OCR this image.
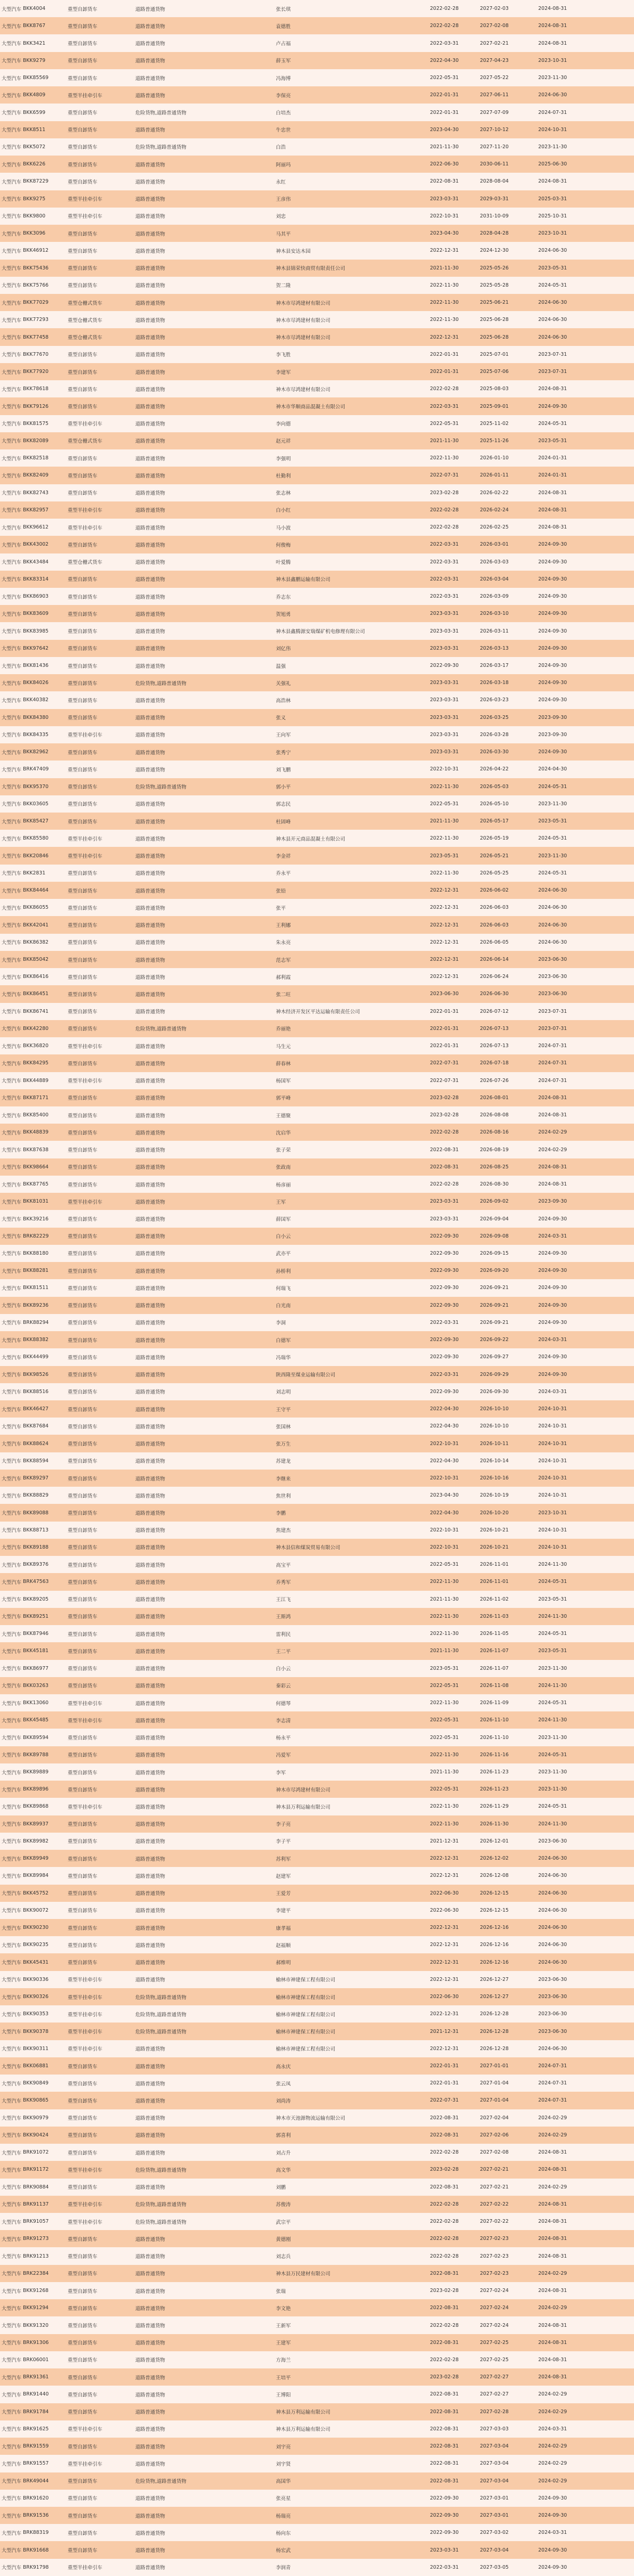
大型汽车 BKK4004	重型自卸货车	道路普通货物	张长琪	2022-02-28	2027-02-03	2024-08-31
大型汽车 BKK8767	重型自卸货车	道路普通货物	袁德胜	2022-02-28	2027-02-08	2024-08-31
大型汽车 BKK3421	重型自卸货车	道路普通货物	卢占福	2022-03-31	2027-02-21	2024-08-31
大型汽车 BKK9279	重型自卸货车	道路普通货物	薛玉军	2022-04-30	2027-04-23	2023-10-31
大型汽车 BKK85569	重型自卸货车	道路普通货物	冯海博	2022-05-31	2027-05-22	2023-11-30
大型汽车 BKK4809	重型半挂牵引车	道路普通货物	李保亮	2022-01-31	2027-06-11	2024-06-30
大型汽车 BKK6599	重型自卸货车	危险货物,道路普通货物	白培杰	2022-01-31	2027-07-09	2024-07-31
大型汽车 BKK8511	重型自卸货车	道路普通货物	牛忠世	2023-04-30	2027-10-12	2024-10-31
大型汽车 BKK5072	重型自卸货车	危险货物,道路普通货物	白浩	2021-11-30	2027-11-20	2023-11-30
大型汽车 BKK6226	重型自卸货车	道路普通货物	阿丽玛	2022-06-30	2030-06-11	2025-06-30
大型汽车 BKK87229	重型自卸货车	道路普通货物	永红	2022-08-31	2028-08-04	2024-08-31
大型汽车 BKK9275	重型半挂牵引车	道路普通货物	王彦伟	2023-03-31	2029-03-31	2025-03-31
大型汽车 BKK9800	重型半挂牵引车	道路普通货物	刘忠	2022-10-31	2031-10-09	2025-10-31
大型汽车 BKK3096	重型自卸货车	道路普通货物	马其平	2023-04-30	2028-04-28	2023-10-31
大型汽车 BKK46912	重型自卸货车	道路普通货物	神木县安达木园	2022-12-31	2024-12-30	2024-06-30
大型汽车 BKK75436	重型自卸货车	道路普通货物	神木县锦荣快商贸有限责任公司	2021-11-30	2025-05-26	2023-05-31
大型汽车 BKK75766	重型自卸货车	道路普通货物	贺二隆	2022-11-30	2025-05-28	2024-05-31
大型汽车 BKK77029	重型仓栅式货车	道路普通货物	神木市尽鸿建材有限公司	2022-11-30	2025-06-21	2024-06-30
大型汽车 BKK77293	重型仓栅式货车	道路普通货物	神木市尽鸿建材有限公司	2022-11-30	2025-06-28	2024-06-30
大型汽车 BKK77458	重型仓栅式货车	道路普通货物	神木市尽鸿建材有限公司	2022-12-31	2025-06-28	2024-06-30
大型汽车 BKK77670	重型自卸货车	道路普通货物	李飞胜	2022-01-31	2025-07-01	2023-07-31
大型汽车 BKK77920	重型自卸货车	道路普通货物	李建军	2022-01-31	2025-07-06	2023-07-31
大型汽车 BKK78618	重型自卸货车	道路普通货物	神木市尽鸿建材有限公司	2022-02-28	2025-08-03	2024-08-31
大型汽车 BKK79126	重型自卸货车	道路普通货物	神木市华顺商品混凝土有限公司	2022-03-31	2025-09-01	2024-09-30
大型汽车 BKK81575	重型半挂牵引车	道路普通货物	李向德	2022-05-31	2025-11-02	2024-05-31
大型汽车 BKK82089	重型仓栅式货车	道路普通货物	赵元祥	2021-11-30	2025-11-26	2023-05-31
大型汽车 BKK82518	重型自卸货车	道路普通货物	李强明	2022-11-30	2026-01-10	2024-01-31
大型汽车 BKK82409	重型自卸货车	道路普通货物	杜勤利	2022-07-31	2026-01-11	2024-01-31
大型汽车 BKK82743	重型自卸货车	道路普通货物	张志林	2023-02-28	2026-02-22	2024-08-31
大型汽车 BKK82957	重型半挂牵引车	道路普通货物	白小红	2022-02-28	2026-02-24	2024-08-31
大型汽车 BKK96612	重型半挂牵引车	道路普通货物	马小波	2022-02-28	2026-02-25	2024-08-31
大型汽车 BKK43002	重型自卸货车	道路普通货物	何俊梅	2022-03-31	2026-03-01	2024-09-30
大型汽车 BKK43484	重型仓栅式货车	道路普通货物	叶爱腾	2022-03-31	2026-03-03	2024-09-30
大型汽车 BKK83314	重型自卸货车	道路普通货物	神木县鑫鹏运输有限公司	2022-03-31	2026-03-04	2024-09-30
大型汽车 BKK86903	重型自卸货车	道路普通货物	乔志东	2022-03-31	2026-03-09	2024-09-30
大型汽车 BKK83609	重型自卸货车	道路普通货物	贺旭勇	2023-03-31	2026-03-10	2024-09-30
大型汽车 BKK83985	重型自卸货车	道路普通货物	神木县鑫腾源安瑞煤矿机电修理有限公司	2023-03-31	2026-03-11	2024-09-30
大型汽车 BKK97642	重型自卸货车	道路普通货物	刘亿伟	2023-03-31	2026-03-13	2024-09-30
大型汽车 BKK81436	重型自卸货车	道路普通货物	温强	2022-09-30	2026-03-17	2024-09-30
大型汽车 BKK84026	重型自卸货车	危险货物,道路普通货物	关强礼	2023-03-31	2026-03-18	2024-09-30
大型汽车 BKK40382	重型自卸货车	道路普通货物	高浩林	2023-03-31	2026-03-23	2024-09-30
大型汽车 BKK84380	重型自卸货车	道路普通货物	张义	2023-03-31	2026-03-25	2023-09-30
大型汽车 BKK84335	重型半挂牵引车	道路普通货物	王向军	2023-03-31	2026-03-28	2023-09-30
大型汽车 BKK82962	重型自卸货车	道路普通货物	张秀宁	2023-03-31	2026-03-30	2024-09-30
大型汽车 BRK47409	重型自卸货车	道路普通货物	刘飞鹏	2022-10-31	2026-04-22	2024-04-30
大型汽车 BKK95370	重型自卸货车	危险货物,道路普通货物	郭小平	2022-11-30	2026-05-03	2024-05-31
大型汽车 BKK03605	重型自卸货车	道路普通货物	郭志民	2022-05-31	2026-05-10	2023-11-30
大型汽车 BKK85427	重型自卸货车	道路普通货物	杜固峰	2021-11-30	2026-05-17	2023-05-31
大型汽车 BKK85580	重型半挂牵引车	道路普通货物	神木县开元商品混凝土有限公司	2022-11-30	2026-05-19	2024-05-31
大型汽车 BKK20846	重型半挂牵引车	道路普通货物	李金祥	2023-05-31	2026-05-21	2023-11-30
大型汽车 BKK2831	重型自卸货车	道路普通货物	乔永平	2022-11-30	2026-05-25	2024-05-31
大型汽车 BKK84464	重型自卸货车	道路普通货物	张铅	2022-12-31	2026-06-02	2024-06-30
大型汽车 BKK86055	重型自卸货车	道路普通货物	张平	2022-12-31	2026-06-03	2024-06-30
大型汽车 BKK42041	重型自卸货车	道路普通货物	王利娜	2022-12-31	2026-06-03	2024-06-30
大型汽车 BKK86382	重型自卸货车	道路普通货物	朱永亮	2022-12-31	2026-06-05	2024-06-30
大型汽车 BKK85042	重型自卸货车	道路普通货物	范志军	2022-12-31	2026-06-14	2023-06-30
大型汽车 BKK86416	重型自卸货车	道路普通货物	郝利霞	2022-12-31	2026-06-24	2023-06-30
大型汽车 BKK86451	重型自卸货车	道路普通货物	张二旺	2023-06-30	2026-06-30	2023-06-30
大型汽车 BKK86741	重型自卸货车	道路普通货物	神木经济开发区平达运输有限责任公司	2022-01-31	2026-07-12	2023-07-31
大型汽车 BKK42280	重型自卸货车	危险货物,道路普通货物	乔丽艳	2022-01-31	2026-07-13	2023-07-31
大型汽车 BKK36820	重型半挂牵引车	道路普通货物	马生元	2022-01-31	2026-07-13	2024-07-31
大型汽车 BKK84295	重型自卸货车	道路普通货物	薛春林	2022-07-31	2026-07-18	2024-07-31
大型汽车 BKK44889	重型半挂牵引车	道路普通货物	杨国军	2022-07-31	2026-07-26	2024-07-31
大型汽车 BKK87171	重型自卸货车	道路普通货物	郭平峰	2023-02-28	2026-08-01	2024-08-31
大型汽车 BKK85400	重型自卸货车	道路普通货物	王德聚	2023-02-28	2026-08-08	2024-08-31
大型汽车 BKK48839	重型自卸货车	道路普通货物	沈启华	2022-02-28	2026-08-16	2024-02-29
大型汽车 BKK87638	重型自卸货车	道路普通货物	张子荣	2022-08-31	2026-08-19	2024-02-29
大型汽车 BKK98664	重型自卸货车	道路普通货物	张政南	2022-08-31	2026-08-25	2024-08-31
大型汽车 BKK87765	重型自卸货车	道路普通货物	杨彦丽	2022-02-28	2026-08-30	2024-08-31
大型汽车 BKK81031	重型半挂牵引车	道路普通货物	王军	2023-03-31	2026-09-02	2023-09-30
大型汽车 BKK39216	重型自卸货车	道路普通货物	薛国军	2023-03-31	2026-09-04	2024-09-30
大型汽车 BRK82229	重型自卸货车	道路普通货物	白小云	2022-09-30	2026-09-08	2024-03-31
大型汽车 BKK88180	重型自卸货车	道路普通货物	武亦平	2022-09-30	2026-09-15	2024-09-30
大型汽车 BKK88281	重型自卸货车	道路普通货物	孙桥利	2022-09-30	2026-09-20	2024-09-30
大型汽车 BKK81511	重型自卸货车	道路普通货物	何瑞飞	2022-09-30	2026-09-21	2024-09-30
大型汽车 BKK89236	重型自卸货车	道路普通货物	白光南	2022-09-30	2026-09-21	2024-09-30
大型汽车 BRK88294	重型自卸货车	道路普通货物	李洞	2022-03-31	2026-09-21	2024-09-30
大型汽车 BKK88382	重型自卸货车	道路普通货物	白德军	2022-09-30	2026-09-22	2024-03-31
大型汽车 BKK44499	重型自卸货车	道路普通货物	冯瑞华	2022-09-30	2026-09-27	2024-09-30
大型汽车 BKK98526	重型自卸货车	道路普通货物	陕西隆至煤业运输有限公司	2022-03-31	2026-09-29	2024-09-30
大型汽车 BKK88516	重型自卸货车	道路普通货物	刘志明	2022-09-30	2026-09-30	2024-03-31
大型汽车 BKK46427	重型自卸货车	道路普通货物	王守平	2022-04-30	2026-10-10	2024-10-31
大型汽车 BKK87684	重型自卸货车	道路普通货物	张国林	2022-04-30	2026-10-10	2024-10-31
大型汽车 BKK88624	重型自卸货车	道路普通货物	张万生	2022-10-31	2026-10-11	2024-10-31
大型汽车 BKK88594	重型自卸货车	道路普通货物	苏建龙	2022-04-30	2026-10-14	2024-10-31
大型汽车 BKK89297	重型自卸货车	道路普通货物	李继来	2022-10-31	2026-10-16	2024-10-31
大型汽车 BKK88829	重型自卸货车	道路普通货物	焦世利	2023-04-30	2026-10-19	2024-10-31
大型汽车 BKK89088	重型自卸货车	道路普通货物	李鹏	2022-04-30	2026-10-20	2023-10-31
大型汽车 BKK88713	重型自卸货车	道路普通货物	焦建杰	2022-10-31	2026-10-21	2024-10-31
大型汽车 BKK89188	重型自卸货车	道路普通货物	神木县信和煤炭贸易有限公司	2022-10-31	2026-10-21	2024-10-31
大型汽车 BKK89376	重型自卸货车	道路普通货物	高宝平	2022-05-31	2026-11-01	2024-11-30
大型汽车 BRK47563	重型自卸货车	道路普通货物	乔秀军	2022-11-30	2026-11-01	2024-05-31
大型汽车 BKK89205	重型自卸货车	道路普通货物	王江飞	2021-11-30	2026-11-02	2023-05-31
大型汽车 BKK89251	重型自卸货车	道路普通货物	王斯鸿	2022-11-30	2026-11-03	2024-11-30
大型汽车 BKK87946	重型自卸货车	道路普通货物	雷利民	2022-11-30	2026-11-05	2024-05-31
大型汽车 BKK45181	重型自卸货车	道路普通货物	王二平	2021-11-30	2026-11-07	2023-05-31
大型汽车 BKK86977	重型自卸货车	道路普通货物	白小云	2023-05-31	2026-11-07	2023-11-30
大型汽车 BKK03263	重型自卸货车	道路普通货物	秦彩云	2022-05-31	2026-11-08	2024-11-30
大型汽车 BKK13060	重型半挂牵引车	道路普通货物	何德琴	2022-11-30	2026-11-09	2024-05-31
大型汽车 BKK45485	重型半挂牵引车	道路普通货物	李志清	2022-05-31	2026-11-10	2024-11-30
大型汽车 BKK89594	重型自卸货车	道路普通货物	杨永平	2022-05-31	2026-11-10	2023-11-30
大型汽车 BKK89788	重型自卸货车	道路普通货物	冯爱军	2022-11-30	2026-11-16	2024-05-31
大型汽车 BKK89889	重型自卸货车	道路普通货物	李军	2021-11-30	2026-11-23	2023-11-30
大型汽车 BKK89896	重型自卸货车	道路普通货物	神木市尽鸿建材有限公司	2022-05-31	2026-11-23	2023-11-30
大型汽车 BKK89868	重型半挂牵引车	道路普通货物	神木县万利运输有限公司	2022-11-30	2026-11-29	2024-05-31
大型汽车 BKK89937	重型自卸货车	道路普通货物	李子亮	2022-11-30	2026-11-30	2024-11-30
大型汽车 BKK89982	重型自卸货车	道路普通货物	李子平	2021-12-31	2026-12-01	2023-06-30
大型汽车 BKK89949	重型自卸货车	道路普通货物	苏利军	2022-12-31	2026-12-02	2024-06-30
大型汽车 BKK89984	重型自卸货车	道路普通货物	赵建军	2022-12-31	2026-12-08	2024-06-30
大型汽车 BKK45752	重型自卸货车	道路普通货物	王爱芳	2022-06-30	2026-12-15	2024-06-30
大型汽车 BKK90072	重型自卸货车	道路普通货物	李建平	2022-06-30	2026-12-15	2024-06-30
大型汽车 BKK90230	重型自卸货车	道路普通货物	康孝福	2022-12-31	2026-12-16	2024-06-30
大型汽车 BKK90235	重型自卸货车	道路普通货物	赵福顺	2022-12-31	2026-12-16	2024-06-30
大型汽车 BKK45431	重型自卸货车	道路普通货物	郝维明	2022-12-31	2026-12-16	2024-06-30
大型汽车 BKK90336	重型半挂牵引车	道路普通货物	榆林市神建保工程有限公司	2022-12-31	2026-12-27	2023-06-30
大型汽车 BKK90326	重型半挂牵引车	危险货物,道路普通货物	榆林市神建保工程有限公司	2022-06-30	2026-12-27	2023-06-30
大型汽车 BKK90353	重型半挂牵引车	危险货物,道路普通货物	榆林市神建保工程有限公司	2022-12-31	2026-12-28	2023-06-30
大型汽车 BKK90378	重型半挂牵引车	危险货物,道路普通货物	榆林市神建保工程有限公司	2021-12-31	2026-12-28	2023-06-30
大型汽车 BKK90311	重型半挂牵引车	道路普通货物	榆林市神建保工程有限公司	2022-12-31	2026-12-28	2024-06-30
大型汽车 BKK06881	重型自卸货车	道路普通货物	高永庆	2022-01-31	2027-01-01	2024-07-31
大型汽车 BKK90849	重型自卸货车	道路普通货物	张云凤	2022-01-31	2027-01-04	2024-07-31
大型汽车 BKK90865	重型自卸货车	道路普通货物	刘尚涛	2022-07-31	2027-01-04	2024-07-31
大型汽车 BKK90979	重型自卸货车	道路普通货物	神木市天池源物流运输有限公司	2022-08-31	2027-02-04	2024-02-29
大型汽车 BKK90424	重型自卸货车	道路普通货物	郭喜利	2022-08-31	2027-02-06	2024-02-29
大型汽车 BRK91072	重型自卸货车	道路普通货物	刘占升	2022-02-28	2027-02-08	2024-08-31
大型汽车 BRK91172	重型半挂牵引车	危险货物,道路普通货物	高文华	2023-02-28	2027-02-21	2024-08-31
大型汽车 BRK90884	重型自卸货车	道路普通货物	刘鹏	2022-08-31	2027-02-21	2024-02-29
大型汽车 BRK91137	重型半挂牵引车	危险货物,道路普通货物	苏俊涛	2022-02-28	2027-02-22	2024-08-31
大型汽车 BRK91057	重型半挂牵引车	危险货物,道路普通货物	武宗平	2022-02-28	2027-02-22	2024-08-31
大型汽车 BRK91273	重型自卸货车	道路普通货物	黄德刚	2022-02-28	2027-02-23	2024-08-31
大型汽车 BRK91213	重型自卸货车	道路普通货物	刘志兵	2022-02-28	2027-02-23	2024-08-31
大型汽车 BRK22384	重型自卸货车	道路普通货物	神木县万民建材有限公司	2022-08-31	2027-02-23	2024-02-29
大型汽车 BKK91268	重型自卸货车	道路普通货物	张瑞	2023-02-28	2027-02-24	2024-08-31
大型汽车 BKK91294	重型自卸货车	道路普通货物	李文艳	2022-08-31	2027-02-24	2024-02-29
大型汽车 BKK91320	重型自卸货车	道路普通货物	王新军	2022-02-28	2027-02-24	2024-08-31
大型汽车 BRK91306	重型自卸货车	道路普通货物	王建军	2022-08-31	2027-02-25	2024-08-31
大型汽车 BRK06001	重型自卸货车	道路普通货物	方海兰	2022-02-28	2027-02-25	2024-08-31
大型汽车 BRK91361	重型自卸货车	道路普通货物	王培平	2023-02-28	2027-02-27	2024-08-31
大型汽车 BRK91440	重型自卸货车	道路普通货物	王博阳	2022-08-31	2027-02-27	2024-02-29
大型汽车 BRK91784	重型自卸货车	道路普通货物	神木县万利运输有限公司	2022-08-31	2027-02-28	2024-02-29
大型汽车 BRK91625	重型半挂牵引车	道路普通货物	神木县万利运输有限公司	2022-08-31	2027-03-03	2024-03-31
大型汽车 BRK91559	重型自卸货车	道路普通货物	刘宇亮	2022-08-31	2027-03-04	2024-02-29
大型汽车 BRK91557	重型半挂牵引车	道路普通货物	刘宇贤	2022-08-31	2027-03-04	2024-02-29
大型汽车 BRK49044	重型自卸货车	危险货物,道路普通货物	高国华	2022-08-31	2027-03-04	2024-02-29
大型汽车 BRK91620	重型自卸货车	道路普通货物	张亮星	2022-09-30	2027-03-01	2024-09-30
大型汽车 BRK91536	重型自卸货车	道路普通货物	杨瑞亮	2022-09-30	2027-03-01	2024-09-30
大型汽车 BRK88319	重型自卸货车	道路普通货物	杨向东	2022-09-30	2027-03-02	2024-03-31
大型汽车 BRK91668	重型自卸货车	道路普通货物	杨宏武	2023-03-31	2027-03-04	2024-09-30
大型汽车 BRK91798	重型半挂牵引车	道路普通货物	李润青	2022-03-31	2027-03-05	2024-09-30
